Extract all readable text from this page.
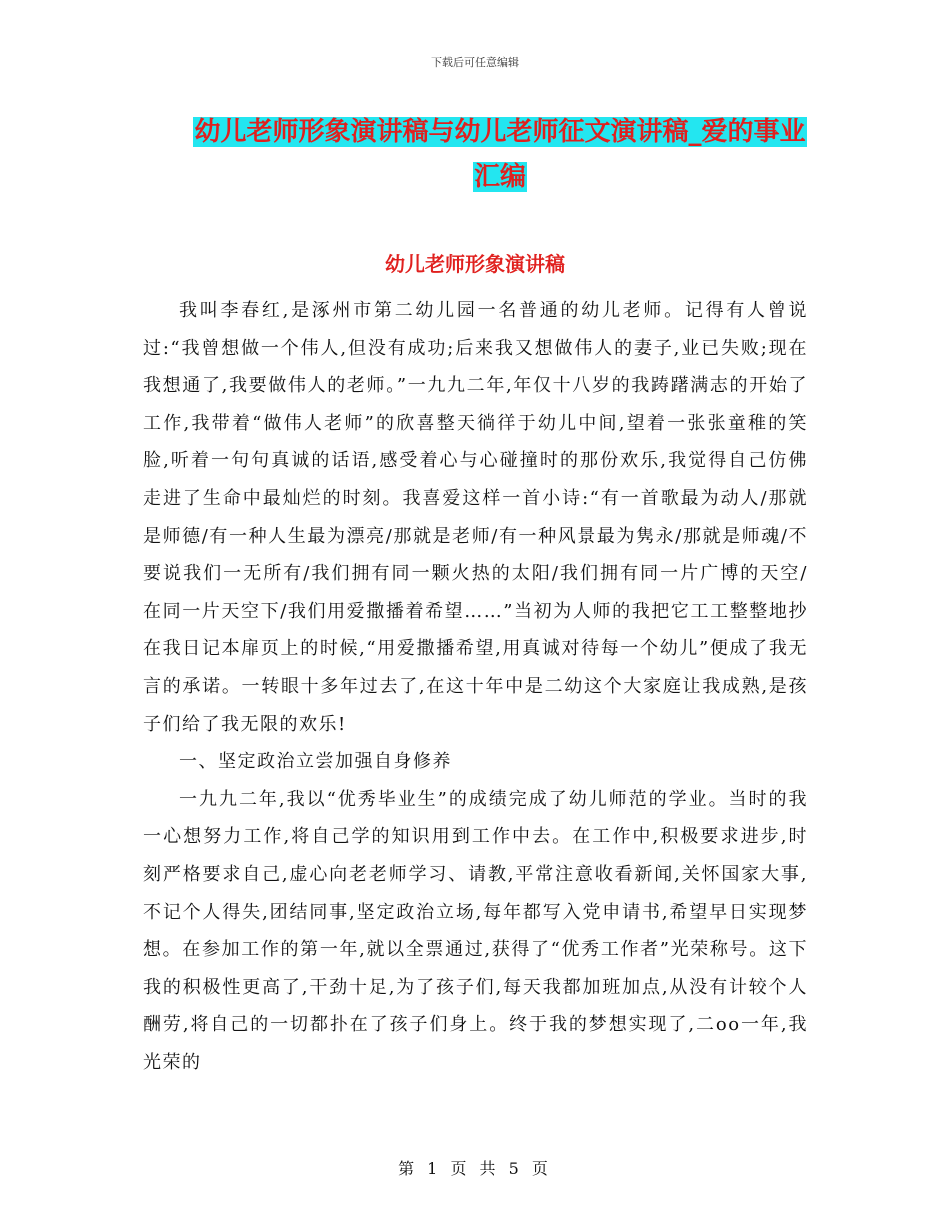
下载后可任意编辑
幼儿老师形象演讲稿与幼儿老师征文演讲稿_爱的事业
汇编
幼儿老师形象演讲稿

我叫李春红,是涿州市第二幼儿园一名普通的幼儿老师。记得有人曾说过:“我曾想做一个伟人,但没有成功;后来我又想做伟人的妻子,业已失败;现在我想通了,我要做伟人的老师。”一九九二年,年仅十八岁的我踌躇满志的开始了工作,我带着“做伟人老师”的欣喜整天徜徉于幼儿中间,望着一张张童稚的笑脸,听着一句句真诚的话语,感受着心与心碰撞时的那份欢乐,我觉得自己仿佛走进了生命中最灿烂的时刻。我喜爱这样一首小诗:“有一首歌最为动人/那就是师德/有一种人生最为漂亮/那就是老师/有一种风景最为隽永/那就是师魂/不要说我们一无所有/我们拥有同一颗火热的太阳/我们拥有同一片广博的天空/在同一片天空下/我们用爱撒播着希望……”当初为人师的我把它工工整整地抄在我日记本扉页上的时候,“用爱撒播希望,用真诚对待每一个幼儿”便成了我无言的承诺。一转眼十多年过去了,在这十年中是二幼这个大家庭让我成熟,是孩子们给了我无限的欢乐!

一、坚定政治立尝加强自身修养

一九九二年,我以“优秀毕业生”的成绩完成了幼儿师范的学业。当时的我一心想努力工作,将自己学的知识用到工作中去。在工作中,积极要求进步,时刻严格要求自己,虚心向老老师学习、请教,平常注意收看新闻,关怀国家大事,不记个人得失,团结同事,坚定政治立场,每年都写入党申请书,希望早日实现梦想。在参加工作的第一年,就以全票通过,获得了“优秀工作者”光荣称号。这下我的积极性更高了,干劲十足,为了孩子们,每天我都加班加点,从没有计较个人酬劳,将自己的一切都扑在了孩子们身上。终于我的梦想实现了,二oo一年,我光荣的

第 1 页 共 5 页
